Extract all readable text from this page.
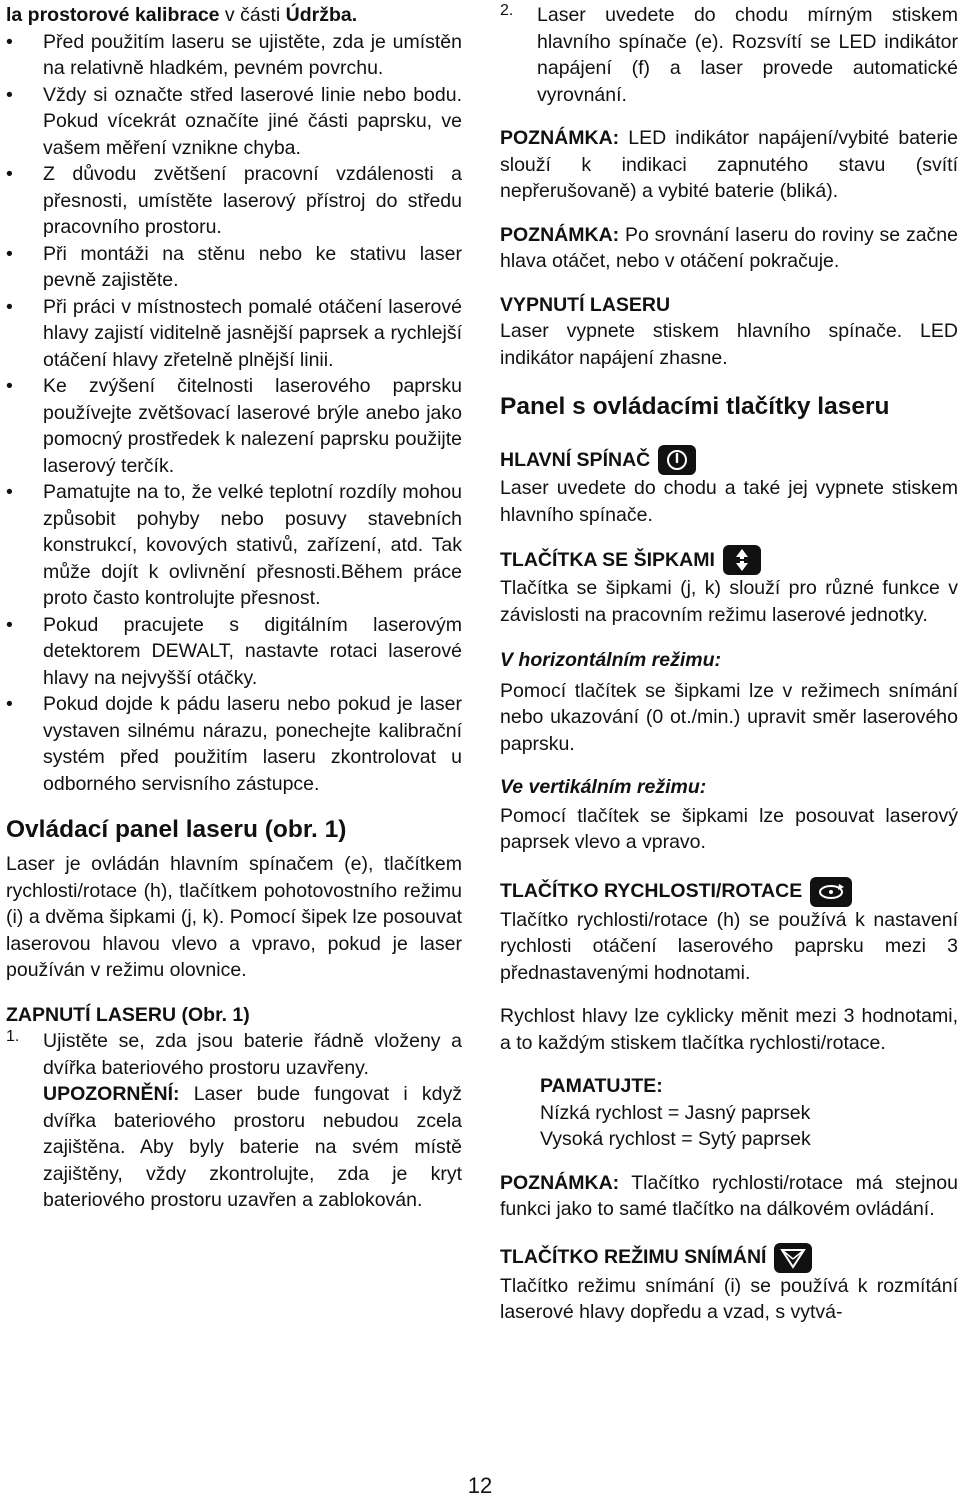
la prostorové kalibrace v části Údržba.

• Před použitím laseru se ujistěte, zda je umístěn na relativně hladkém, pevném povrchu.

• Vždy si označte střed laserové linie nebo bodu. Pokud vícekrát označíte jiné části paprsku, ve vašem měření vznikne chyba.

• Z důvodu zvětšení pracovní vzdálenosti a přesnosti, umístěte laserový přístroj do středu pracovního prostoru.

• Při montáži na stěnu nebo ke stativu laser pevně zajistěte.

• Při práci v místnostech pomalé otáčení laserové hlavy zajistí viditelně jasnější paprsek a rychlejší otáčení hlavy zřetelně plnější linii.

• Ke zvýšení čitelnosti laserového paprsku používejte zvětšovací laserové brýle anebo jako pomocný prostředek k nalezení paprsku použijte laserový terčík.

• Pamatujte na to, že velké teplotní rozdíly mohou způsobit pohyby nebo posuvy stavebních konstrukcí, kovových stativů, zařízení, atd. Tak může dojít k ovlivnění přesnosti.Během práce proto často kontrolujte přesnost.

• Pokud pracujete s digitálním laserovým detektorem DEWALT, nastavte rotaci laserové hlavy na nejvyšší otáčky.

• Pokud dojde k pádu laseru nebo pokud je laser vystaven silnému nárazu, ponechejte kalibrační systém před použitím laseru zkontrolovat u odborného servisního zástupce.

Ovládací panel laseru (obr. 1)

Laser je ovládán hlavním spínačem (e), tlačítkem rychlosti/rotace (h), tlačítkem pohotovostního režimu (i) a dvěma šipkami (j, k). Pomocí šipek lze posouvat laserovou hlavou vlevo a vpravo, pokud je laser používán v režimu olovnice.

ZAPNUTÍ LASERU (Obr. 1)
1. Ujistěte se, zda jsou baterie řádně vloženy a dvířka bateriového prostoru uzavřeny.

UPOZORNĚNÍ: Laser bude fungovat i když dvířka bateriového prostoru nebudou zcela zajištěna. Aby byly baterie na svém místě zajištěny, vždy zkontrolujte, zda je kryt bateriového prostoru uzavřen a zablokován.

2. Laser uvedete do chodu mírným stiskem hlavního spínače (e). Rozsvítí se LED indikátor napájení (f) a laser provede automatické vyrovnání.

POZNÁMKA: LED indikátor napájení/vybité baterie slouží k indikaci zapnutého stavu (svítí nepřerušovaně) a vybité baterie (bliká).

POZNÁMKA: Po srovnání laseru do roviny se začne hlava otáčet, nebo v otáčení pokračuje.

VYPNUTÍ LASERU

Laser vypnete stiskem hlavního spínače. LED indikátor napájení zhasne.

Panel s ovládacími tlačítky laseru
HLAVNÍ SPÍNAČ

Laser uvedete do chodu a také jej vypnete stiskem hlavního spínače.

TLAČÍTKA SE ŠIPKAMI

Tlačítka se šipkami (j, k) slouží pro různé funkce v závislosti na pracovním režimu laserové jednotky.

V horizontálním režimu:

Pomocí tlačítek se šipkami lze v režimech snímání nebo ukazování (0 ot./min.) upravit směr laserového paprsku.

Ve vertikálním režimu:

Pomocí tlačítek se šipkami lze posouvat laserový paprsek vlevo a vpravo.

TLAČÍTKO RYCHLOSTI/ROTACE

Tlačítko rychlosti/rotace (h) se používá k nastavení rychlosti otáčení laserového paprsku mezi 3 přednastavenými hodnotami.

Rychlost hlavy lze cyklicky měnit mezi 3 hodnotami, a to každým stiskem tlačítka rychlosti/rotace.

PAMATUJTE:

Nízká rychlost = Jasný paprsek

Vysoká rychlost = Sytý paprsek

POZNÁMKA: Tlačítko rychlosti/rotace má stejnou funkci jako to samé tlačítko na dálkovém ovládání.

TLAČÍTKO REŽIMU SNÍMÁNÍ

Tlačítko režimu snímání (i) se používá k rozmítání laserové hlavy dopředu a vzad, s vytvá-

12
